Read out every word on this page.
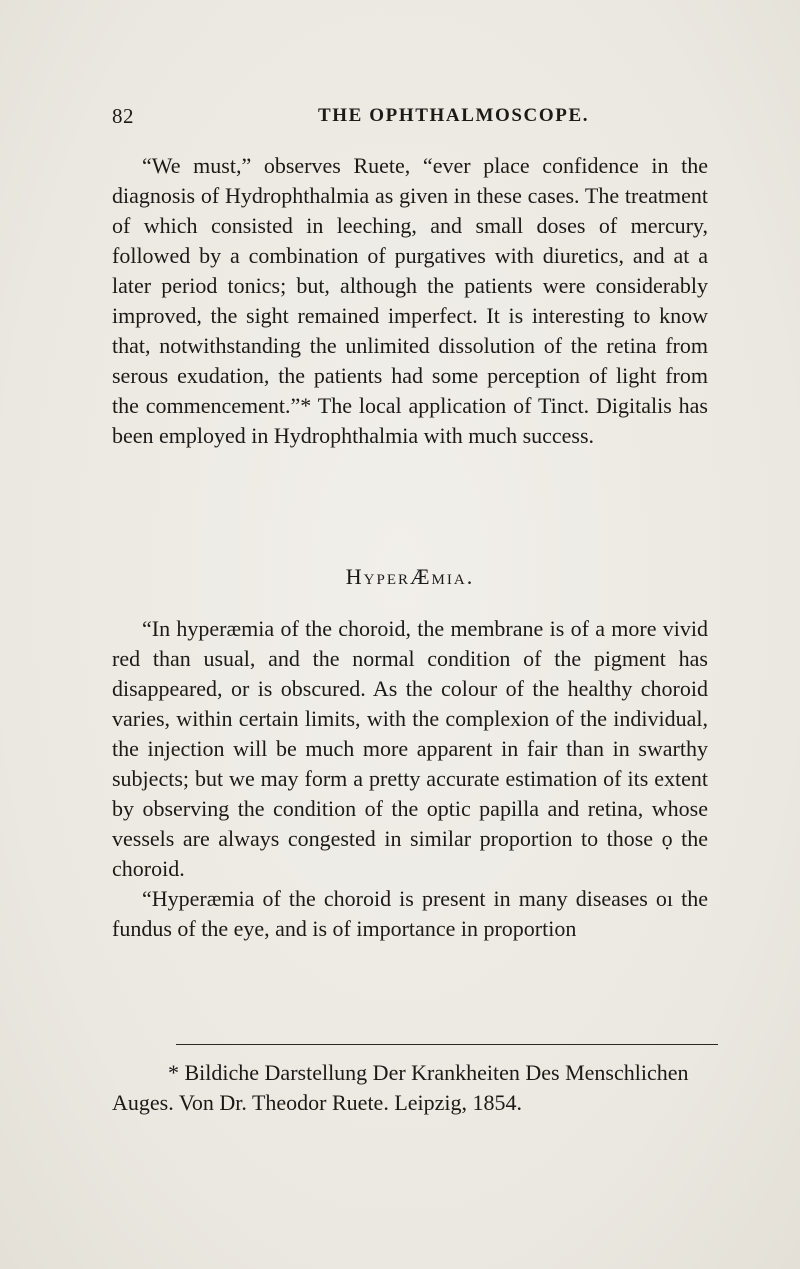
82	THE OPHTHALMOSCOPE.

“We must,” observes Ruete, “ever place confidence in the diagnosis of Hydrophthalmia as given in these cases. The treatment of which consisted in leeching, and small doses of mercury, followed by a combination of purgatives with diuretics, and at a later period tonics; but, although the patients were considerably improved, the sight remained imperfect. It is interesting to know that, notwithstanding the unlimited dissolution of the retina from serous exudation, the patients had some perception of light from the commencement.”* The local application of Tinct. Digitalis has been employed in Hydrophthalmia with much success.

HyperÆmia.

“In hyperæmia of the choroid, the membrane is of a more vivid red than usual, and the normal condition of the pigment has disappeared, or is obscured. As the colour of the healthy choroid varies, within certain limits, with the complexion of the individual, the injection will be much more apparent in fair than in swarthy subjects; but we may form a pretty accurate estimation of its extent by observing the condition of the optic papilla and retina, whose vessels are always congested in similar proportion to those ọ the choroid.

“Hyperæmia of the choroid is present in many diseases oı the fundus of the eye, and is of importance in proportion

* Bildiche Darstellung Der Krankheiten Des Menschlichen Auges. Von Dr. Theodor Ruete. Leipzig, 1854.
